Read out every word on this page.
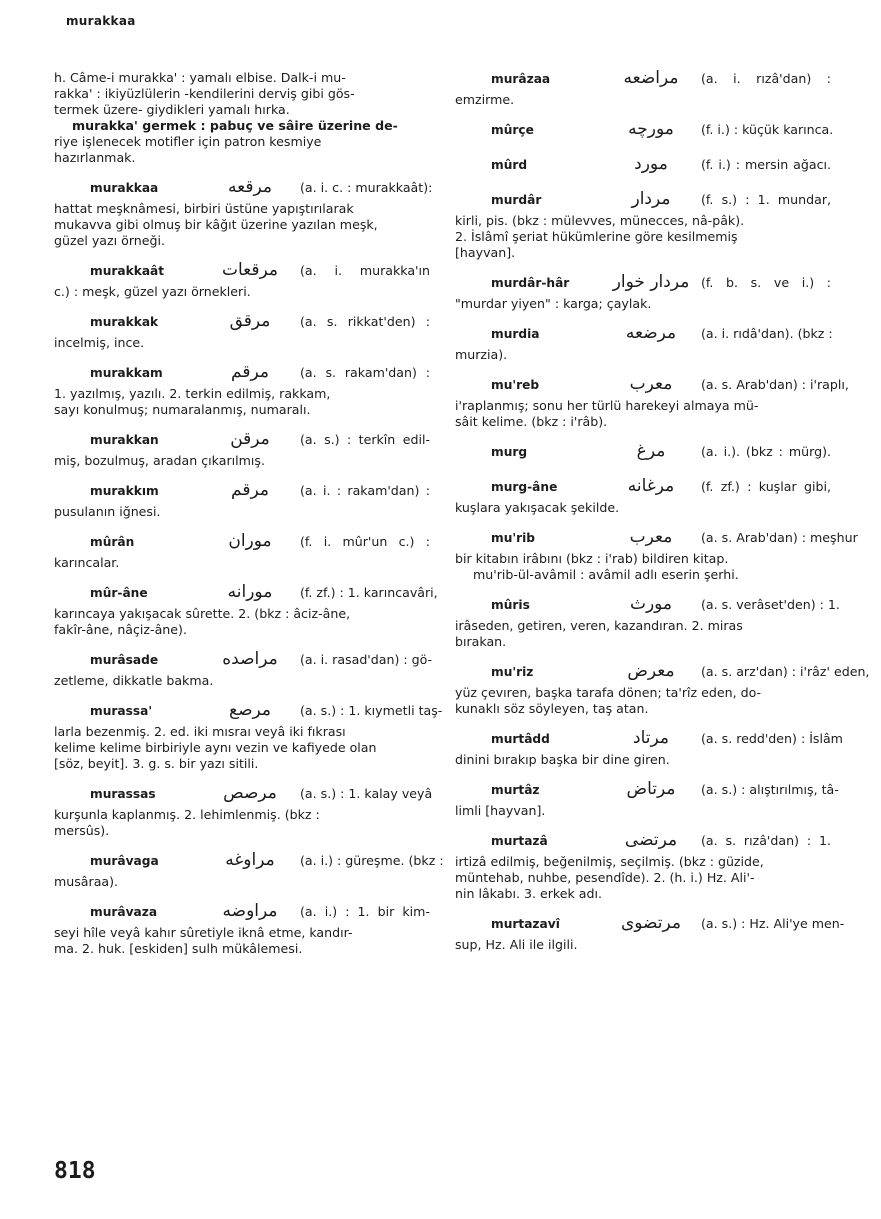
murakkaa
h. Câme-i murakka' : yamalı elbise. Dalk-i mu-
rakka' : ikiyüzlülerin -kendilerini derviş gibi gös-
termek üzere- giydikleri yamalı hırka.
murakka' germek : pabuç ve sâire üzerine de-
riye işlenecek motifler için patron kesmiye
hazırlanmak.
murakkaa	مرقعه	(a. i. c. : murakkaât):
hattat meşknâmesi, birbiri üstüne yapıştırılarak
mukavva gibi olmuş bir kâğıt üzerine yazılan meşk,
güzel yazı örneği.
murakkaât	مرقعات	(a. i. murakka'ın
c.) : meşk, güzel yazı örnekleri.
murakkak	مرقق	(a. s. rikkat'den) :
incelmiş, ince.
murakkam	مرقم	(a. s. rakam'dan) :
1. yazılmış, yazılı. 2. terkin edilmiş, rakkam,
sayı konulmuş; numaralanmış, numaralı.
murakkan	مرقن	(a. s.) : terkîn edil-
miş, bozulmuş, aradan çıkarılmış.
murakkım	مرقم	(a. i. : rakam'dan) :
pusulanın iğnesi.
mûrân	موران	(f. i. mûr'un c.) :
karıncalar.
mûr-âne	مورانه	(f. zf.) : 1. karıncavâri,
karıncaya yakışacak sûrette. 2. (bkz : âciz-âne,
fakîr-âne, nâçiz-âne).
murâsade	مراصده	(a. i. rasad'dan) : gö-
zetleme, dikkatle bakma.
murassa'	مرصع	(a. s.) : 1. kıymetli taş-
larla bezenmiş. 2. ed. iki mısraı veyâ iki fıkrası
kelime kelime birbiriyle aynı vezin ve kafiyede olan
[söz, beyit]. 3. g. s. bir yazı sitili.
murassas	مرصص	(a. s.) : 1. kalay veyâ
kurşunla kaplanmış. 2. lehimlenmiş. (bkz :
mersûs).
murâvaga	مراوغه	(a. i.) : güreşme. (bkz :
musâraa).
murâvaza	مراوضه	(a. i.) : 1. bir kim-
seyi hîle veyâ kahır sûretiyle iknâ etme, kandır-
ma. 2. huk. [eskiden] sulh mükâlemesi.
murâzaa	مراضعه	(a. i. rızâ'dan) :
emzirme.
mûrçe	مورچه	(f. i.) : küçük karınca.
mûrd	مورد	(f. i.) : mersin ağacı.
murdâr	مردار	(f. s.) : 1. mundar,
kirli, pis. (bkz : mülevves, münecces, nâ-pâk).
2. İslâmî şeriat hükümlerine göre kesilmemiş
[hayvan].
murdâr-hâr	مردار خوار (f. b. s. ve i.) :
"murdar yiyen" : karga; çaylak.
murdia	مرضعه	(a. i. rıdâ'dan). (bkz :
murzia).
mu'reb	معرب	(a. s. Arab'dan) : i'raplı,
i'raplanmış; sonu her türlü harekeyi almaya mü-
sâit kelime. (bkz : i'râb).
murg	مرغ	(a. i.). (bkz : mürg).
murg-âne	مرغانه	(f. zf.) : kuşlar gibi,
kuşlara yakışacak şekilde.
mu'rib	معرب	(a. s. Arab'dan) : meşhur
bir kitabın irâbını (bkz : i'rab) bildiren kitap.
mu'rib-ül-avâmil : avâmil adlı eserin şerhi.
mûris	مورث	(a. s. verâset'den) : 1.
irâseden, getiren, veren, kazandıran. 2. miras
bırakan.
mu'riz	معرض	(a. s. arz'dan) : i'râz' eden,
yüz çevıren, başka tarafa dönen; ta'rîz eden, do-
kunaklı söz söyleyen, taş atan.
murtâdd	مرتاد	(a. s. redd'den) : İslâm
dinini bırakıp başka bir dine giren.
murtâz	مرتاض	(a. s.) : alıştırılmış, tâ-
limli [hayvan].
murtazâ	مرتضى	(a. s. rızâ'dan) : 1.
irtizâ edilmiş, beğenilmiş, seçilmiş. (bkz : güzide,
müntehab, nuhbe, pesendîde). 2. (h. i.) Hz. Ali'-
nin lâkabı. 3. erkek adı.
murtazavî	مرتضوى	(a. s.) : Hz. Ali'ye men-
sup, Hz. Ali ile ilgili.
818
